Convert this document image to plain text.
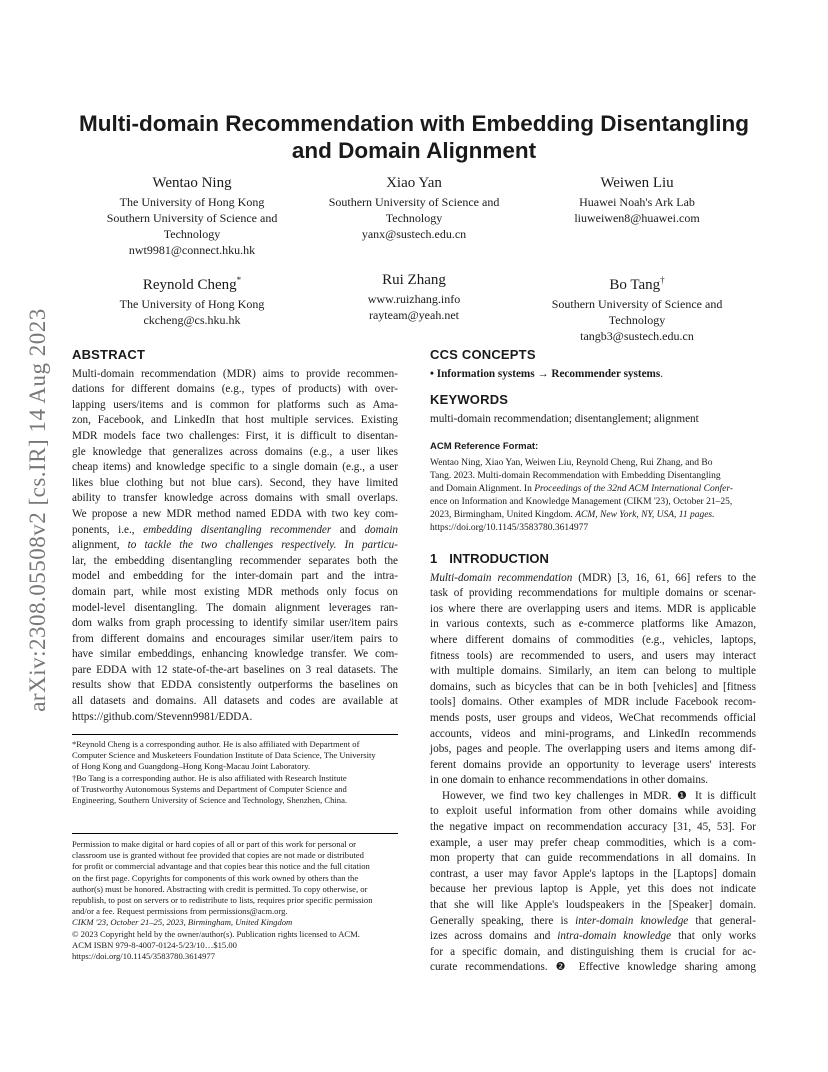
arXiv:2308.05508v2 [cs.IR] 14 Aug 2023
Multi-domain Recommendation with Embedding Disentangling
and Domain Alignment
Wentao Ning
The University of Hong Kong
Southern University of Science and
Technology
nwt9981@connect.hku.hk
Xiao Yan
Southern University of Science and
Technology
yanx@sustech.edu.cn
Weiwen Liu
Huawei Noah's Ark Lab
liuweiwen8@huawei.com
Reynold Cheng*
The University of Hong Kong
ckcheng@cs.hku.hk
Rui Zhang
www.ruizhang.info
rayteam@yeah.net
Bo Tang†
Southern University of Science and
Technology
tangb3@sustech.edu.cn
ABSTRACT
Multi-domain recommendation (MDR) aims to provide recommen-
dations for different domains (e.g., types of products) with over-
lapping users/items and is common for platforms such as Ama-
zon, Facebook, and LinkedIn that host multiple services. Existing
MDR models face two challenges: First, it is difficult to disentan-
gle knowledge that generalizes across domains (e.g., a user likes
cheap items) and knowledge specific to a single domain (e.g., a user
likes blue clothing but not blue cars). Second, they have limited
ability to transfer knowledge across domains with small overlaps.
We propose a new MDR method named EDDA with two key com-
ponents, i.e., embedding disentangling recommender and domain
alignment, to tackle the two challenges respectively. In particu-
lar, the embedding disentangling recommender separates both the
model and embedding for the inter-domain part and the intra-
domain part, while most existing MDR methods only focus on
model-level disentangling. The domain alignment leverages ran-
dom walks from graph processing to identify similar user/item pairs
from different domains and encourages similar user/item pairs to
have similar embeddings, enhancing knowledge transfer. We com-
pare EDDA with 12 state-of-the-art baselines on 3 real datasets. The
results show that EDDA consistently outperforms the baselines on
all datasets and domains. All datasets and codes are available at
https://github.com/Stevenn9981/EDDA.

*Reynold Cheng is a corresponding author. He is also affiliated with Department of
Computer Science and Musketeers Foundation Institute of Data Science, The University
of Hong Kong and Guangdong–Hong Kong-Macau Joint Laboratory.

†Bo Tang is a corresponding author. He is also affiliated with Research Institute
of Trustworthy Autonomous Systems and Department of Computer Science and
Engineering, Southern University of Science and Technology, Shenzhen, China.

Permission to make digital or hard copies of all or part of this work for personal or
classroom use is granted without fee provided that copies are not made or distributed
for profit or commercial advantage and that copies bear this notice and the full citation
on the first page. Copyrights for components of this work owned by others than the
author(s) must be honored. Abstracting with credit is permitted. To copy otherwise, or
republish, to post on servers or to redistribute to lists, requires prior specific permission
and/or a fee. Request permissions from permissions@acm.org.

CIKM '23, October 21–25, 2023, Birmingham, United Kingdom

© 2023 Copyright held by the owner/author(s). Publication rights licensed to ACM.

ACM ISBN 979-8-4007-0124-5/23/10…$15.00

https://doi.org/10.1145/3583780.3614977

CCS CONCEPTS

• Information systems → Recommender systems.

KEYWORDS

multi-domain recommendation; disentanglement; alignment

ACM Reference Format:

Wentao Ning, Xiao Yan, Weiwen Liu, Reynold Cheng, Rui Zhang, and Bo
Tang. 2023. Multi-domain Recommendation with Embedding Disentangling
and Domain Alignment. In Proceedings of the 32nd ACM International Confer-
ence on Information and Knowledge Management (CIKM '23), October 21–25,
2023, Birmingham, United Kingdom. ACM, New York, NY, USA, 11 pages.
https://doi.org/10.1145/3583780.3614977
1 INTRODUCTION
Multi-domain recommendation (MDR) [3, 16, 61, 66] refers to the
task of providing recommendations for multiple domains or scenar-
ios where there are overlapping users and items. MDR is applicable
in various contexts, such as e-commerce platforms like Amazon,
where different domains of commodities (e.g., vehicles, laptops,
fitness tools) are recommended to users, and users may interact
with multiple domains. Similarly, an item can belong to multiple
domains, such as bicycles that can be in both [vehicles] and [fitness
tools] domains. Other examples of MDR include Facebook recom-
mends posts, user groups and videos, WeChat recommends official
accounts, videos and mini-programs, and LinkedIn recommends
jobs, pages and people. The overlapping users and items among dif-
ferent domains provide an opportunity to leverage users' interests
in one domain to enhance recommendations in other domains.
However, we find two key challenges in MDR. ❶ It is difficult
to exploit useful information from other domains while avoiding
the negative impact on recommendation accuracy [31, 45, 53]. For
example, a user may prefer cheap commodities, which is a com-
mon property that can guide recommendations in all domains. In
contrast, a user may favor Apple's laptops in the [Laptops] domain
because her previous laptop is Apple, yet this does not indicate
that she will like Apple's loudspeakers in the [Speaker] domain.
Generally speaking, there is inter-domain knowledge that general-
izes across domains and intra-domain knowledge that only works
for a specific domain, and distinguishing them is crucial for ac-
curate recommendations. ❷ Effective knowledge sharing among
